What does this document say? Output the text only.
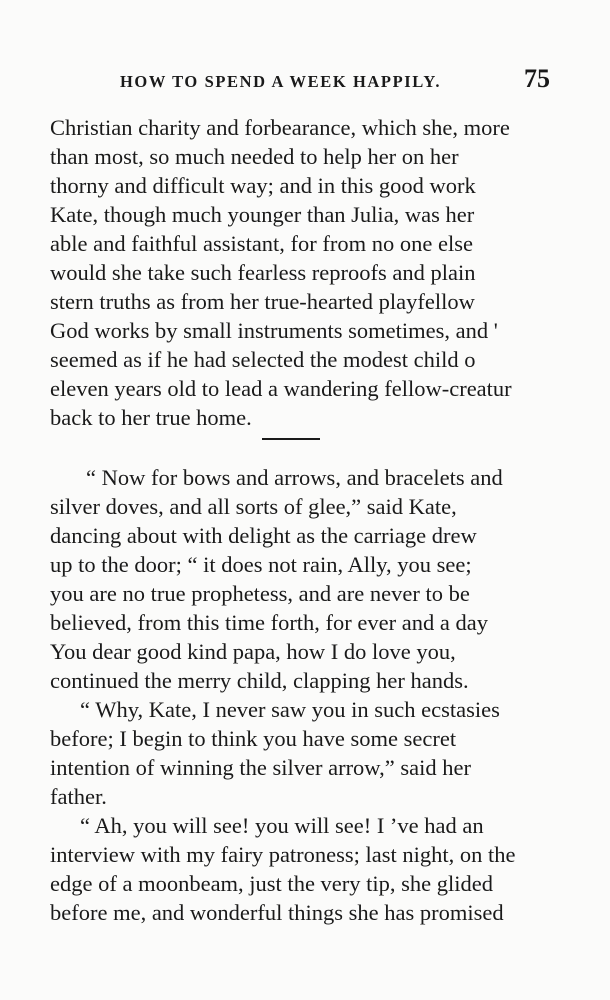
HOW TO SPEND A WEEK HAPPILY.	75
Christian charity and forbearance, which she, more
than most, so much needed to help her on her
thorny and difficult way; and in this good work
Kate, though much younger than Julia, was her
able and faithful assistant, for from no one else
would she take such fearless reproofs and plain
stern truths as from her true-hearted playfellow
God works by small instruments sometimes, and '
seemed as if he had selected the modest child o
eleven years old to lead a wandering fellow-creatur
back to her true home.
“ Now for bows and arrows, and bracelets and
silver doves, and all sorts of glee,” said Kate,
dancing about with delight as the carriage drew
up to the door; “ it does not rain, Ally, you see;
you are no true prophetess, and are never to be
believed, from this time forth, for ever and a day
You dear good kind papa, how I do love you,
continued the merry child, clapping her hands.
“ Why, Kate, I never saw you in such ecstasies
before; I begin to think you have some secret
intention of winning the silver arrow,” said her
father.
“ Ah, you will see! you will see! I ’ve had an
interview with my fairy patroness; last night, on the
edge of a moonbeam, just the very tip, she glided
before me, and wonderful things she has promised
